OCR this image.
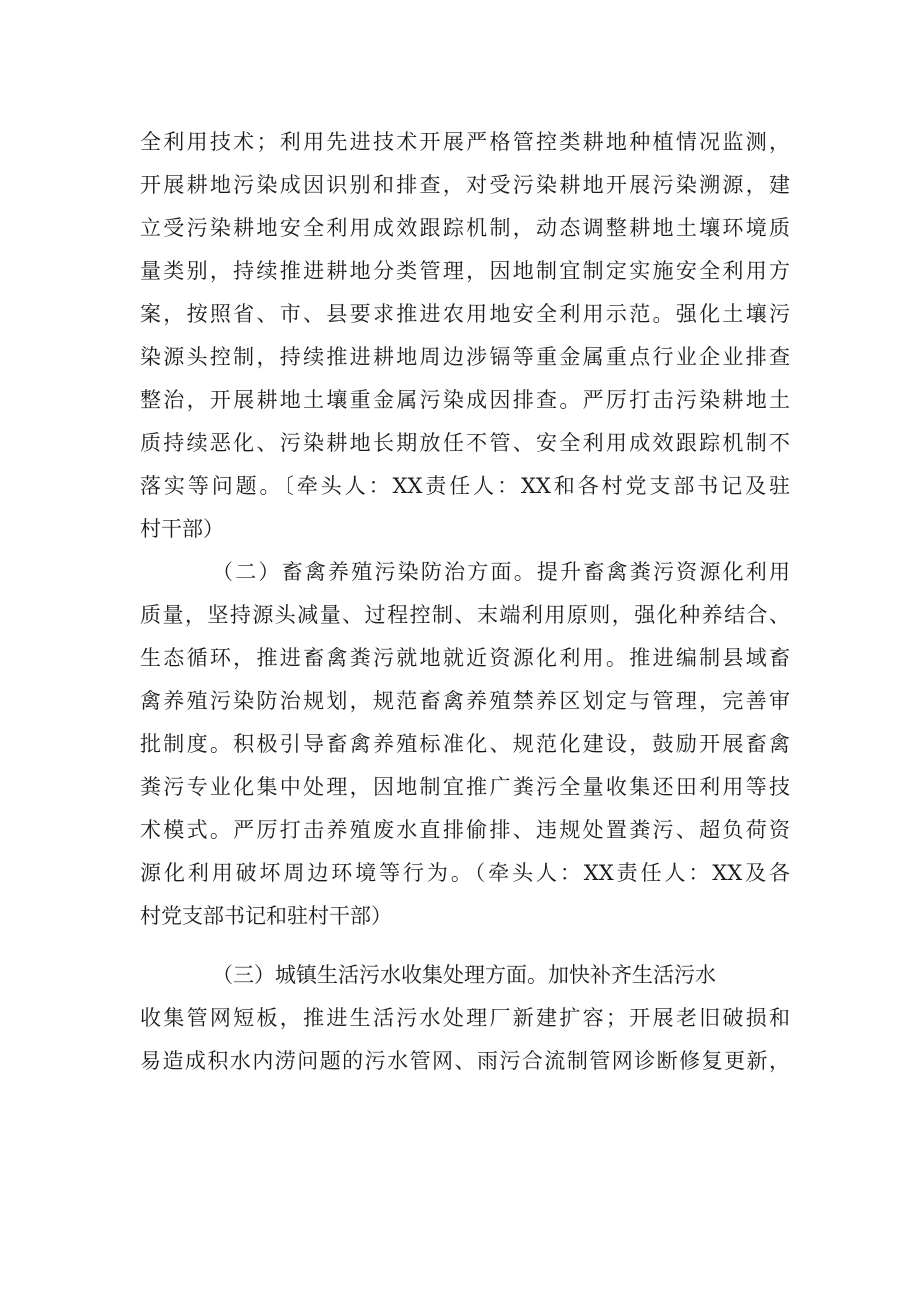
全利用技术；利用先进技术开展严格管控类耕地种植情况监测，
开展耕地污染成因识别和排查，对受污染耕地开展污染溯源，建
立受污染耕地安全利用成效跟踪机制，动态调整耕地土壤环境质
量类别，持续推进耕地分类管理，因地制宜制定实施安全利用方
案，按照省、市、县要求推进农用地安全利用示范。强化土壤污
染源头控制，持续推进耕地周边涉镉等重金属重点行业企业排查
整治，开展耕地土壤重金属污染成因排查。严厉打击污染耕地土
质持续恶化、污染耕地长期放任不管、安全利用成效跟踪机制不
落实等问题。〔牵头人：XX责任人：XX和各村党支部书记及驻
村干部）
（二）畜禽养殖污染防治方面。提升畜禽粪污资源化利用
质量，坚持源头减量、过程控制、末端利用原则，强化种养结合、
生态循环，推进畜禽粪污就地就近资源化利用。推进编制县域畜
禽养殖污染防治规划，规范畜禽养殖禁养区划定与管理，完善审
批制度。积极引导畜禽养殖标准化、规范化建设，鼓励开展畜禽
粪污专业化集中处理，因地制宜推广粪污全量收集还田利用等技
术模式。严厉打击养殖废水直排偷排、违规处置粪污、超负荷资
源化利用破坏周边环境等行为。（牵头人：XX责任人：XX及各
村党支部书记和驻村干部）
（三）城镇生活污水收集处理方面。加快补齐生活污水
收集管网短板，推进生活污水处理厂新建扩容；开展老旧破损和
易造成积水内涝问题的污水管网、雨污合流制管网诊断修复更新，
